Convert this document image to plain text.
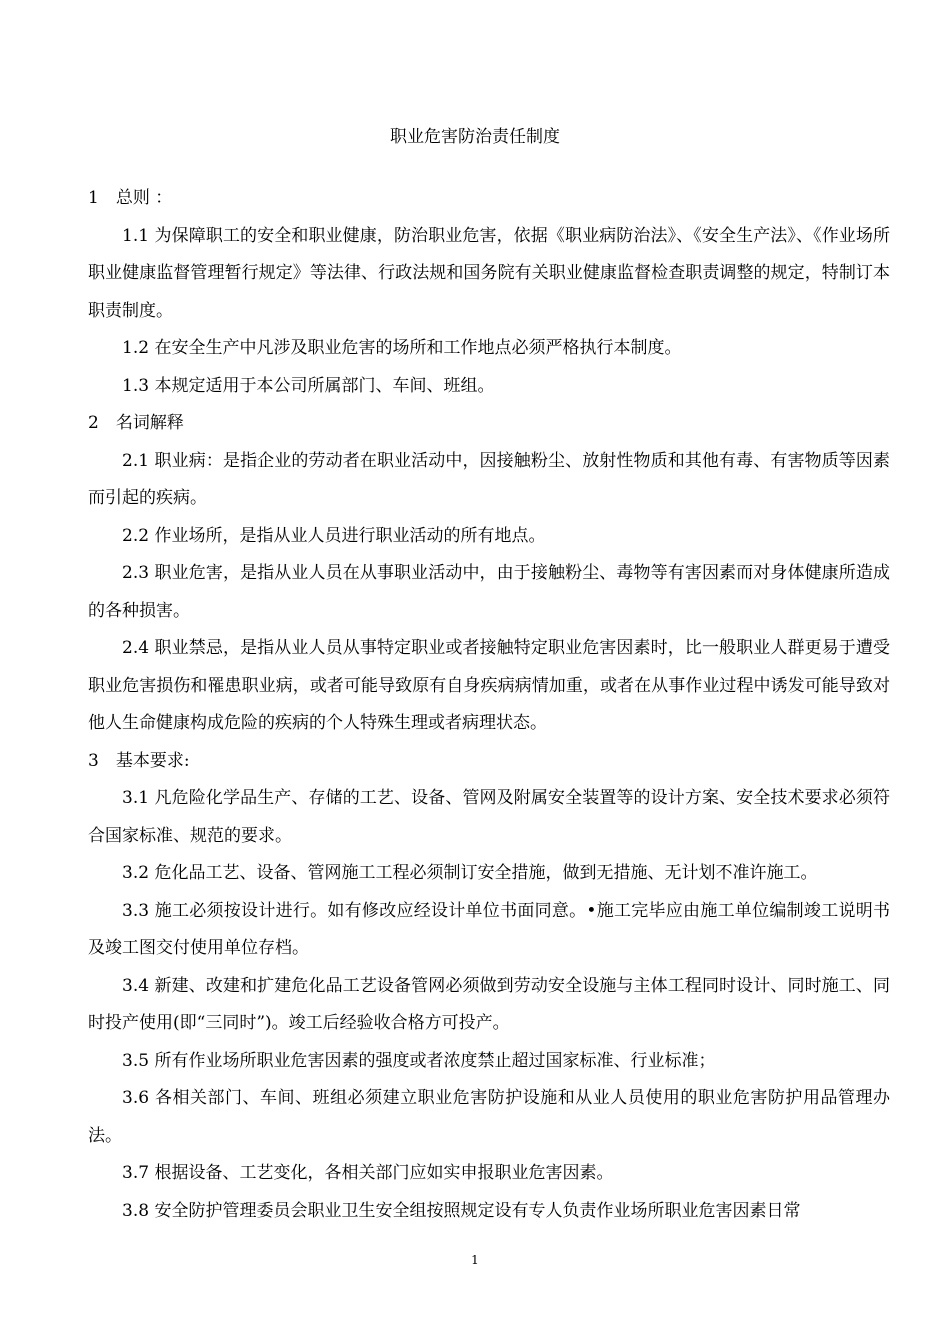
职业危害防治责任制度

1　总则 ：

1.1 为保障职工的安全和职业健康，防治职业危害，依据《职业病防治法》、《安全生产法》、《作业场所职业健康监督管理暂行规定》等法律、行政法规和国务院有关职业健康监督检查职责调整的规定，特制订本职责制度。

1.2 在安全生产中凡涉及职业危害的场所和工作地点必须严格执行本制度。

1.3 本规定适用于本公司所属部门、车间、班组。

2　名词解释

2.1 职业病：是指企业的劳动者在职业活动中，因接触粉尘、放射性物质和其他有毒、有害物质等因素而引起的疾病。

2.2 作业场所，是指从业人员进行职业活动的所有地点。

2.3 职业危害，是指从业人员在从事职业活动中，由于接触粉尘、毒物等有害因素而对身体健康所造成的各种损害。

2.4 职业禁忌，是指从业人员从事特定职业或者接触特定职业危害因素时，比一般职业人群更易于遭受职业危害损伤和罹患职业病，或者可能导致原有自身疾病病情加重，或者在从事作业过程中诱发可能导致对他人生命健康构成危险的疾病的个人特殊生理或者病理状态。

3　基本要求:

3.1 凡危险化学品生产、存储的工艺、设备、管网及附属安全装置等的设计方案、安全技术要求必须符合国家标准、规范的要求。

3.2 危化品工艺、设备、管网施工工程必须制订安全措施，做到无措施、无计划不准许施工。

3.3 施工必须按设计进行。如有修改应经设计单位书面同意。•施工完毕应由施工单位编制竣工说明书及竣工图交付使用单位存档。

3.4 新建、改建和扩建危化品工艺设备管网必须做到劳动安全设施与主体工程同时设计、同时施工、同时投产使用(即“三同时”)。竣工后经验收合格方可投产。

3.5 所有作业场所职业危害因素的强度或者浓度禁止超过国家标准、行业标准；

3.6 各相关部门、车间、班组必须建立职业危害防护设施和从业人员使用的职业危害防护用品管理办法。

3.7 根据设备、工艺变化，各相关部门应如实申报职业危害因素。

3.8 安全防护管理委员会职业卫生安全组按照规定设有专人负责作业场所职业危害因素日常

1
